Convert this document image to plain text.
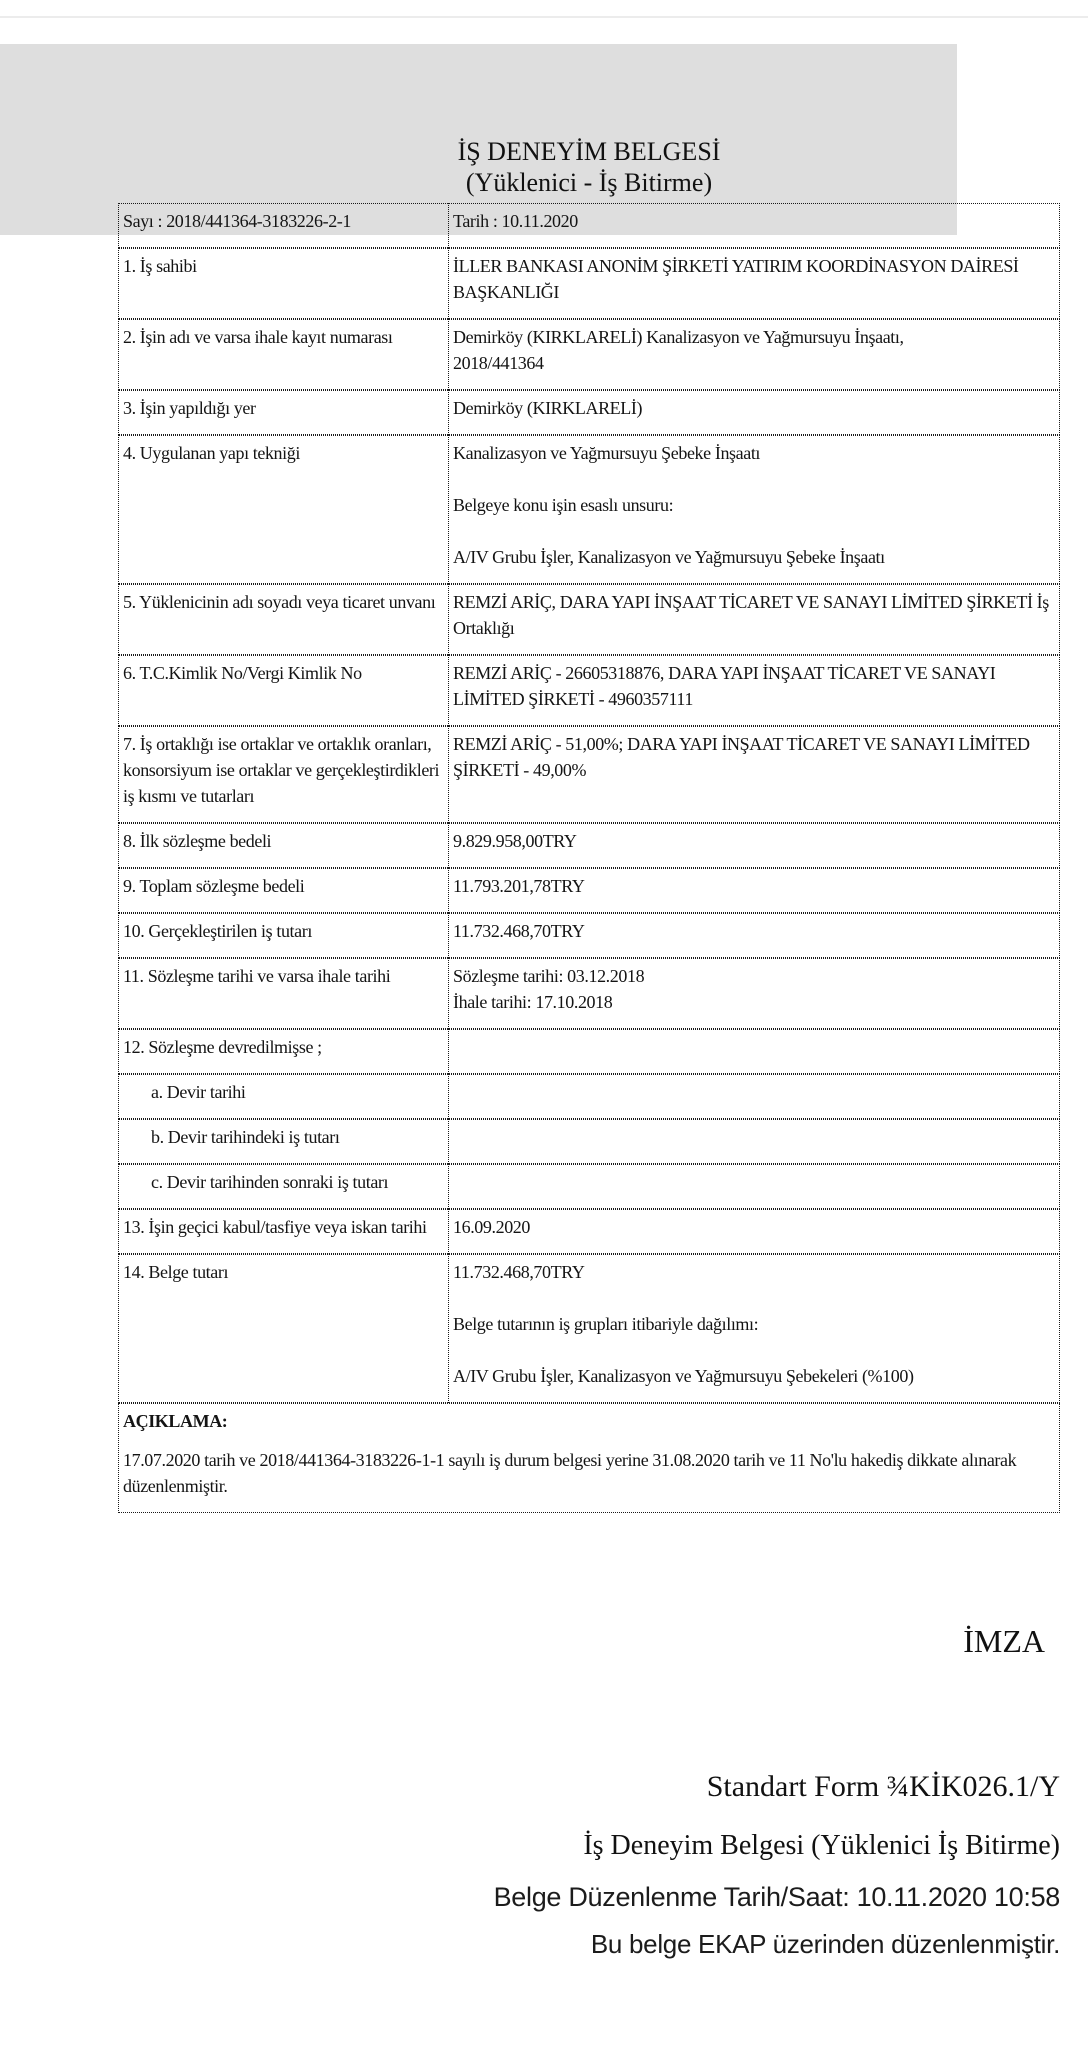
İŞ DENEYİM BELGESİ
(Yüklenici - İş Bitirme)
Sayı : 2018/441364-3183226-2-1	Tarih : 10.11.2020
1. İş sahibi	İLLER BANKASI ANONİM ŞİRKETİ YATIRIM KOORDİNASYON DAİRESİ BAŞKANLIĞI

2. İşin adı ve varsa ihale kayıt numarası	Demirköy (KIRKLARELİ) Kanalizasyon ve Yağmursuyu İnşaatı,
2018/441364

3. İşin yapıldığı yer	Demirköy (KIRKLARELİ)

4. Uygulanan yapı tekniği	Kanalizasyon ve Yağmursuyu Şebeke İnşaatı
Belgeye konu işin esaslı unsuru:
A/IV Grubu İşler, Kanalizasyon ve Yağmursuyu Şebeke İnşaatı

5. Yüklenicinin adı soyadı veya ticaret unvanı	REMZİ ARİÇ, DARA YAPI İNŞAAT TİCARET VE SANAYI LİMİTED ŞİRKETİ İş Ortaklığı

6. T.C.Kimlik No/Vergi Kimlik No	REMZİ ARİÇ - 26605318876, DARA YAPI İNŞAAT TİCARET VE SANAYI LİMİTED ŞİRKETİ - 4960357111

7. İş ortaklığı ise ortaklar ve ortaklık oranları, konsorsiyum ise ortaklar ve gerçekleştirdikleri iş kısmı ve tutarları	REMZİ ARİÇ - 51,00%; DARA YAPI İNŞAAT TİCARET VE SANAYI LİMİTED ŞİRKETİ - 49,00%

8. İlk sözleşme bedeli	9.829.958,00TRY

9. Toplam sözleşme bedeli	11.793.201,78TRY

10. Gerçekleştirilen iş tutarı	11.732.468,70TRY

11. Sözleşme tarihi ve varsa ihale tarihi	Sözleşme tarihi: 03.12.2018
İhale tarihi: 17.10.2018

12. Sözleşme devredilmişse ;	

a. Devir tarihi	

b. Devir tarihindeki iş tutarı	

c. Devir tarihinden sonraki iş tutarı	

13. İşin geçici kabul/tasfiye veya iskan tarihi	16.09.2020

14. Belge tutarı	11.732.468,70TRY
Belge tutarının iş grupları itibariyle dağılımı:
A/IV Grubu İşler, Kanalizasyon ve Yağmursuyu Şebekeleri (%100)

AÇIKLAMA:
17.07.2020 tarih ve 2018/441364-3183226-1-1 sayılı iş durum belgesi yerine 31.08.2020 tarih ve 11 No'lu hakediş dikkate alınarak düzenlenmiştir.	
İMZA
Standart Form ¾KİK026.1/Y
İş Deneyim Belgesi (Yüklenici İş Bitirme)
Belge Düzenlenme Tarih/Saat: 10.11.2020 10:58
Bu belge EKAP üzerinden düzenlenmiştir.
